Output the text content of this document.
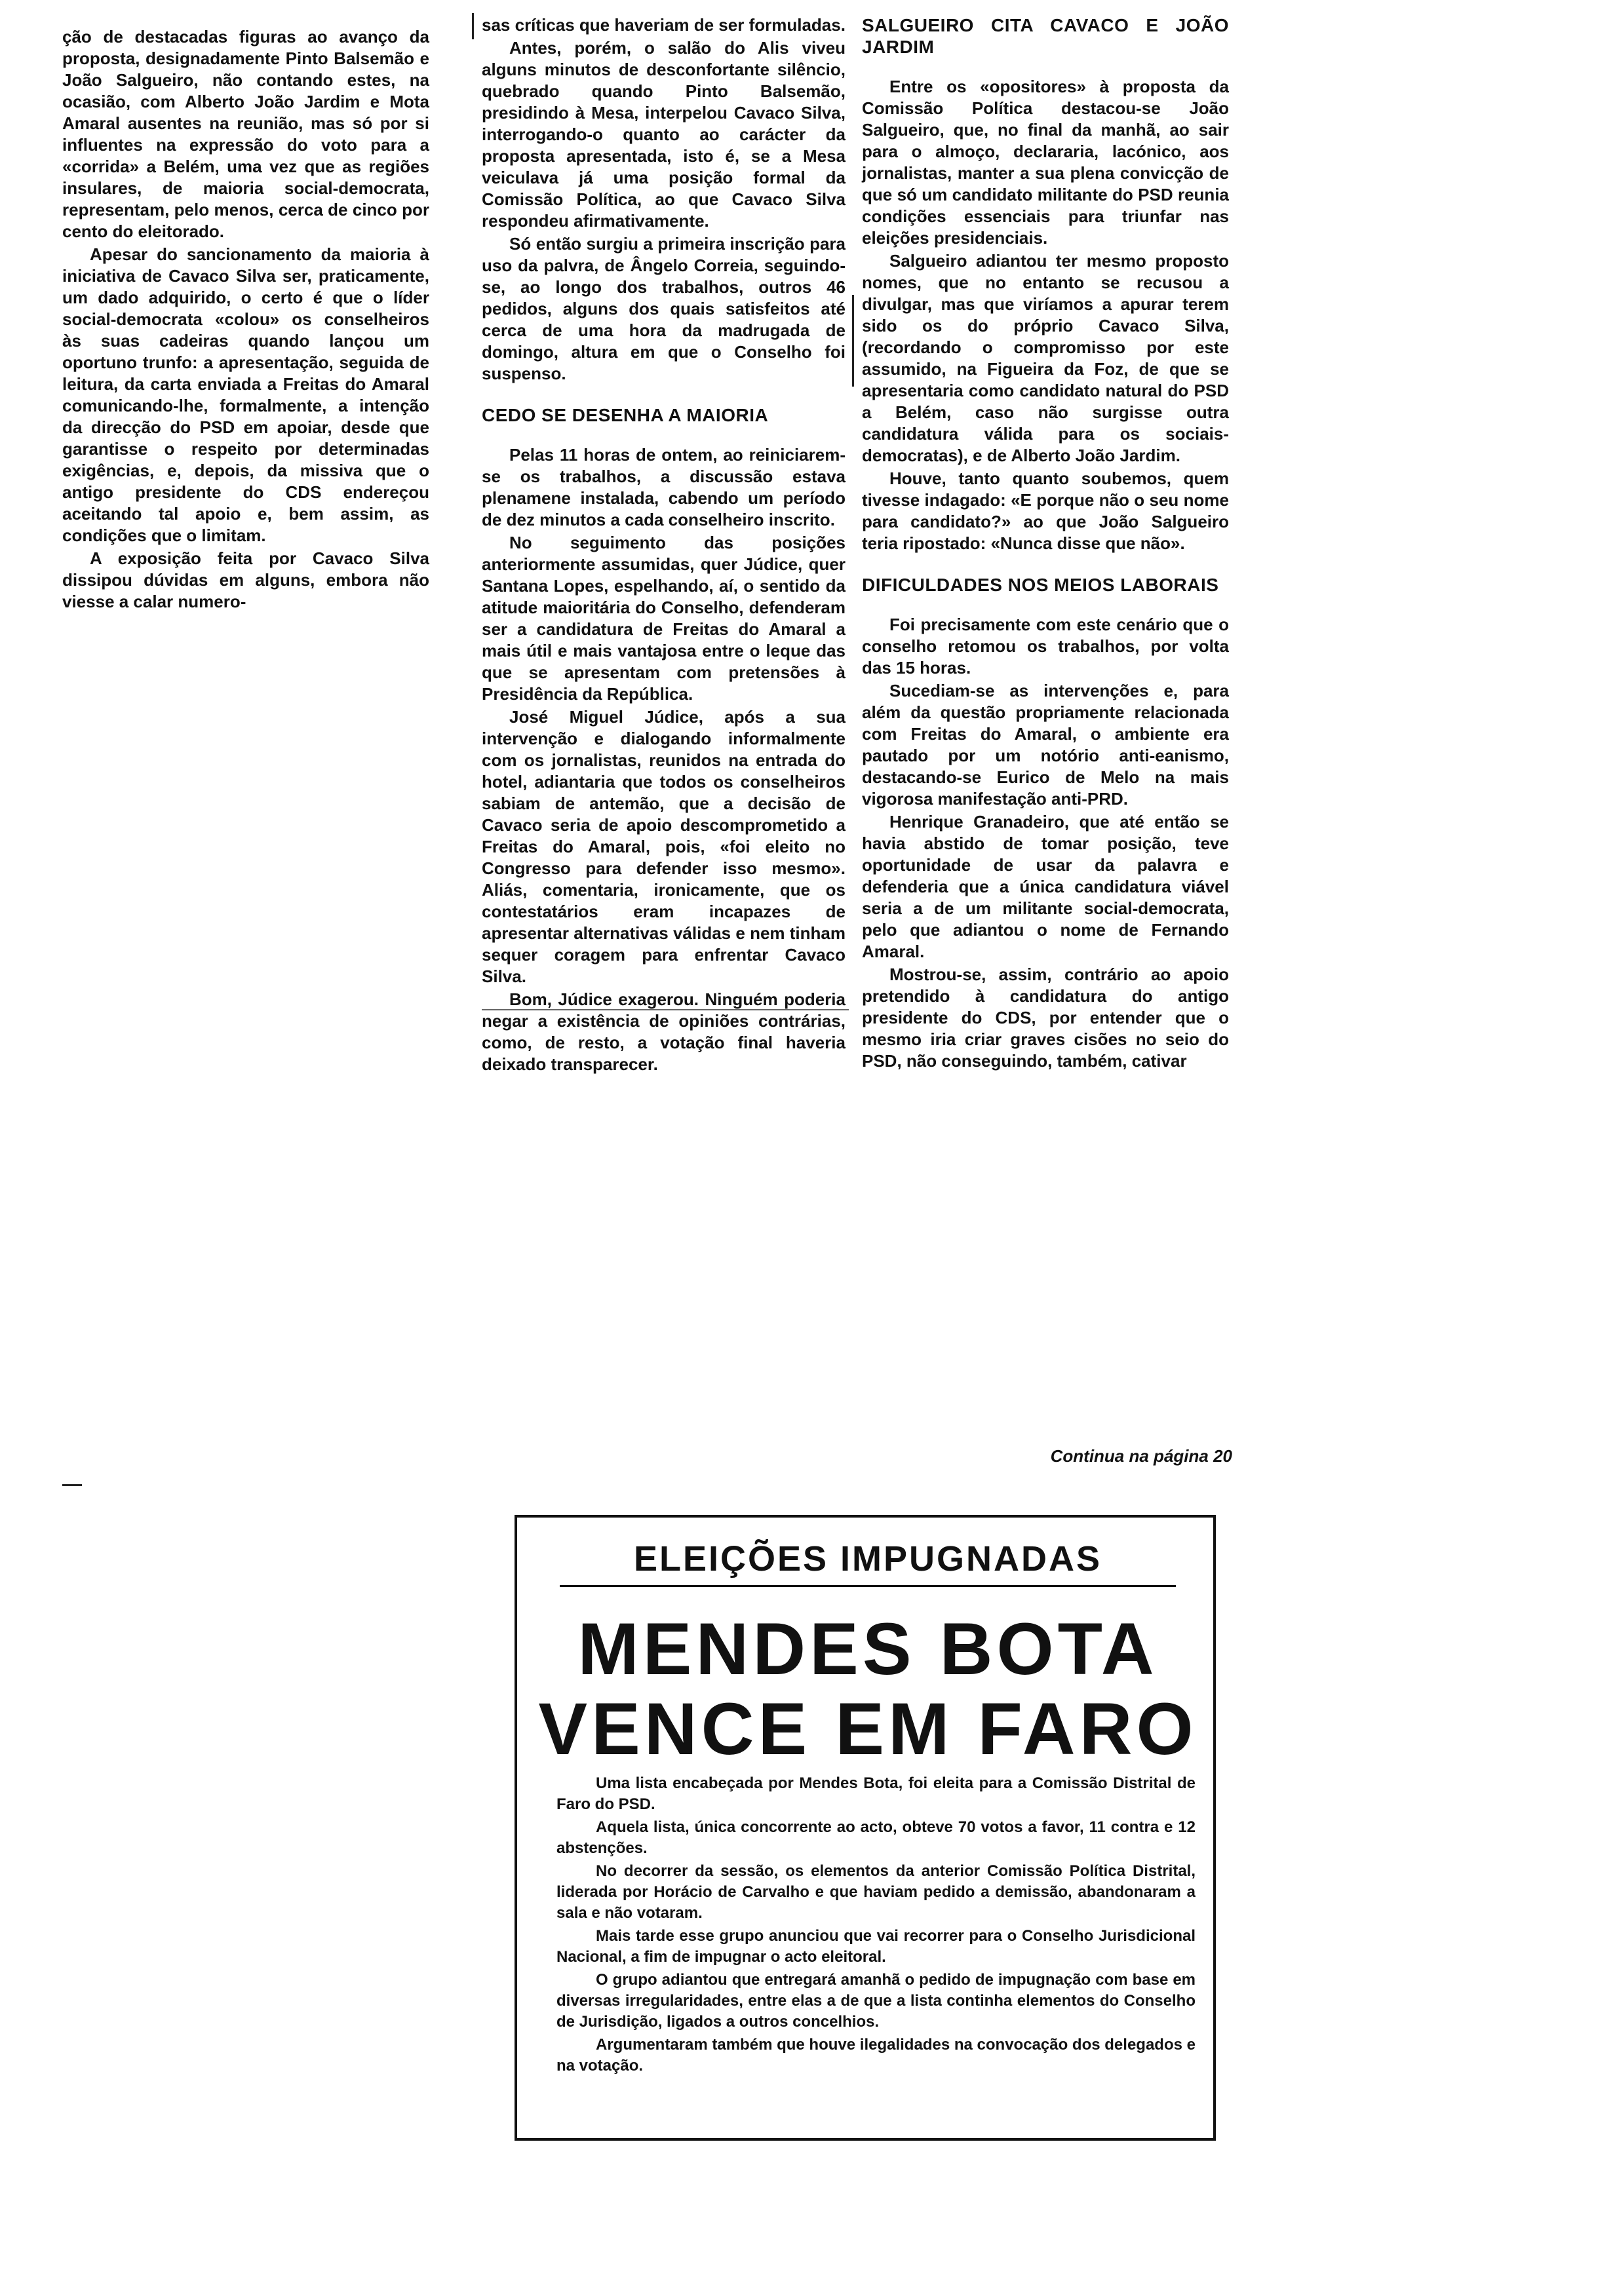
ção de destacadas figuras ao avanço da proposta, designadamente Pinto Balsemão e João Salgueiro, não contando estes, na ocasião, com Alberto João Jardim e Mota Amaral ausentes na reunião, mas só por si influentes na expressão do voto para a «corrida» a Belém, uma vez que as regiões insulares, de maioria social-democrata, representam, pelo menos, cerca de cinco por cento do eleitorado.

Apesar do sancionamento da maioria à iniciativa de Cavaco Silva ser, praticamente, um dado adquirido, o certo é que o líder social-democrata «colou» os conselheiros às suas cadeiras quando lançou um oportuno trunfo: a apresentação, seguida de leitura, da carta enviada a Freitas do Amaral comunicando-lhe, formalmente, a intenção da direcção do PSD em apoiar, desde que garantisse o respeito por determinadas exigências, e, depois, da missiva que o antigo presidente do CDS endereçou aceitando tal apoio e, bem assim, as condições que o limitam.

A exposição feita por Cavaco Silva dissipou dúvidas em alguns, embora não viesse a calar numero-

sas críticas que haveriam de ser formuladas.

Antes, porém, o salão do Alis viveu alguns minutos de desconfortante silêncio, quebrado quando Pinto Balsemão, presidindo à Mesa, interpelou Cavaco Silva, interrogando-o quanto ao carácter da proposta apresentada, isto é, se a Mesa veiculava já uma posição formal da Comissão Política, ao que Cavaco Silva respondeu afirmativamente.

Só então surgiu a primeira inscrição para uso da palvra, de Ângelo Correia, seguindo-se, ao longo dos trabalhos, outros 46 pedidos, alguns dos quais satisfeitos até cerca de uma hora da madrugada de domingo, altura em que o Conselho foi suspenso.

CEDO SE DESENHA A MAIORIA

Pelas 11 horas de ontem, ao reiniciarem-se os trabalhos, a discussão estava plenamene instalada, cabendo um período de dez minutos a cada conselheiro inscrito.

No seguimento das posições anteriormente assumidas, quer Júdice, quer Santana Lopes, espelhando, aí, o sentido da atitude maioritária do Conselho, defenderam ser a candidatura de Freitas do Amaral a mais útil e mais vantajosa entre o leque das que se apresentam com pretensões à Presidência da República.

José Miguel Júdice, após a sua intervenção e dialogando informalmente com os jornalistas, reunidos na entrada do hotel, adiantaria que todos os conselheiros sabiam de antemão, que a decisão de Cavaco seria de apoio descomprometido a Freitas do Amaral, pois, «foi eleito no Congresso para defender isso mesmo». Aliás, comentaria, ironicamente, que os contestatários eram incapazes de apresentar alternativas válidas e nem tinham sequer coragem para enfrentar Cavaco Silva.

Bom, Júdice exagerou. Ninguém poderia negar a existência de opiniões contrárias, como, de resto, a votação final haveria deixado transparecer.

SALGUEIRO CITA CAVACO E JOÃO JARDIM

Entre os «opositores» à proposta da Comissão Política destacou-se João Salgueiro, que, no final da manhã, ao sair para o almoço, declararia, lacónico, aos jornalistas, manter a sua plena convicção de que só um candidato militante do PSD reunia condições essenciais para triunfar nas eleições presidenciais.

Salgueiro adiantou ter mesmo proposto nomes, que no entanto se recusou a divulgar, mas que viríamos a apurar terem sido os do próprio Cavaco Silva, (recordando o compromisso por este assumido, na Figueira da Foz, de que se apresentaria como candidato natural do PSD a Belém, caso não surgisse outra candidatura válida para os sociais-democratas), e de Alberto João Jardim.

Houve, tanto quanto soubemos, quem tivesse indagado: «E porque não o seu nome para candidato?» ao que João Salgueiro teria ripostado: «Nunca disse que não».

DIFICULDADES NOS MEIOS LABORAIS

Foi precisamente com este cenário que o conselho retomou os trabalhos, por volta das 15 horas.

Sucediam-se as intervenções e, para além da questão propriamente relacionada com Freitas do Amaral, o ambiente era pautado por um notório anti-eanismo, destacando-se Eurico de Melo na mais vigorosa manifestação anti-PRD.

Henrique Granadeiro, que até então se havia abstido de tomar posição, teve oportunidade de usar da palavra e defenderia que a única candidatura viável seria a de um militante social-democrata, pelo que adiantou o nome de Fernando Amaral.

Mostrou-se, assim, contrário ao apoio pretendido à candidatura do antigo presidente do CDS, por entender que o mesmo iria criar graves cisões no seio do PSD, não conseguindo, também, cativar

Continua na página 20
ELEIÇÕES IMPUGNADAS
MENDES BOTA
VENCE EM FARO

Uma lista encabeçada por Mendes Bota, foi eleita para a Comissão Distrital de Faro do PSD.

Aquela lista, única concorrente ao acto, obteve 70 votos a favor, 11 contra e 12 abstenções.

No decorrer da sessão, os elementos da anterior Comissão Política Distrital, liderada por Horácio de Carvalho e que haviam pedido a demissão, abandonaram a sala e não votaram.

Mais tarde esse grupo anunciou que vai recorrer para o Conselho Jurisdicional Nacional, a fim de impugnar o acto eleitoral.

O grupo adiantou que entregará amanhã o pedido de impugnação com base em diversas irregularidades, entre elas a de que a lista continha elementos do Conselho de Jurisdição, ligados a outros concelhios.

Argumentaram também que houve ilegalidades na convocação dos delegados e na votação.
